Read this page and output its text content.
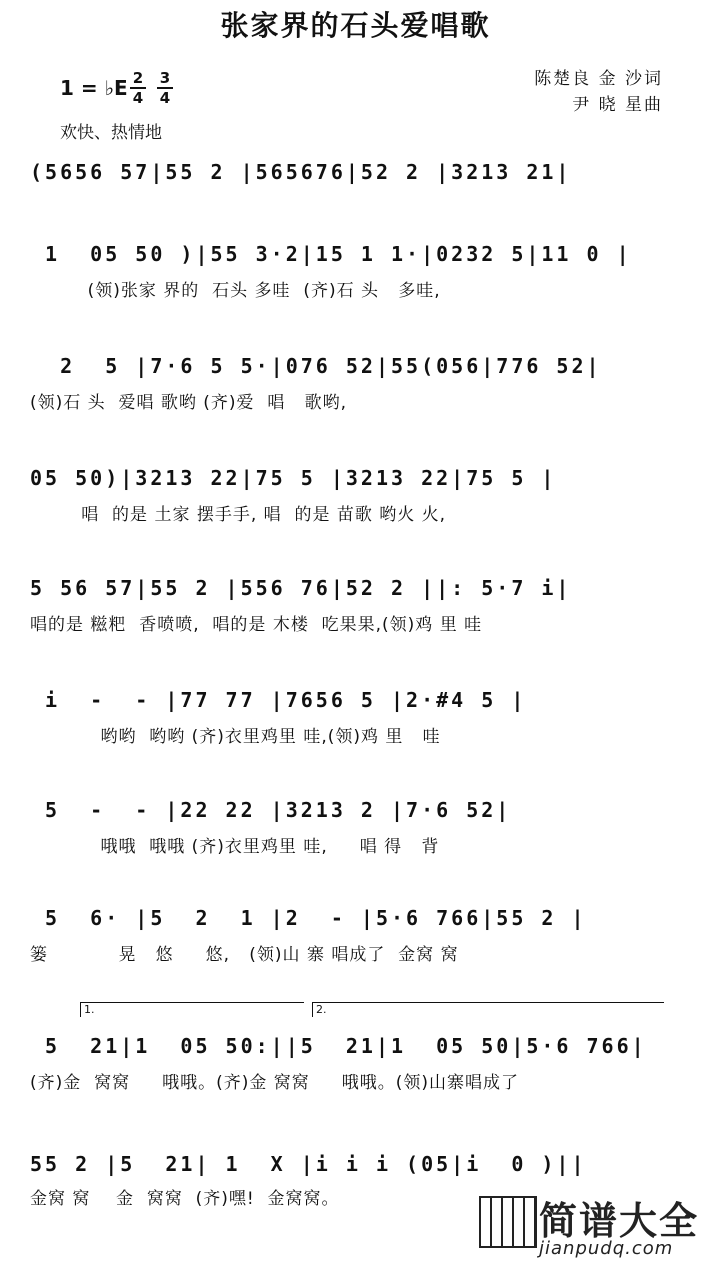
张家界的石头爱唱歌
1 = ♭E 2
4
3
4
陈楚良 金 沙词
尹 晓 星曲
欢快、热情地
(5656 57|55 2 |565676|52 2 |3213 21|
1  05 50 )|55 3·2|15 1 1·|0232 5|11 0 |
(领)张家 界的  石头 多哇  (齐)石 头   多哇,
2  5 |7·6 5 5·|076 52|55(056|776 52|
(领)石 头  爱唱 歌哟 (齐)爱  唱   歌哟,
05 50)|3213 22|75 5 |3213 22|75 5 |
唱  的是 土家 摆手手, 唱  的是 苗歌 哟火 火,
5 56 57|55 2 |556 76|52 2 ||: 5·7 i|
唱的是 糍粑  香喷喷,  唱的是 木楼  吃果果,(领)鸡 里 哇
i  -  - |77 77 |7656 5 |2·#4 5 |
哟哟  哟哟 (齐)衣里鸡里 哇,(领)鸡 里   哇
5  -  - |22 22 |3213 2 |7·6 52|
哦哦  哦哦 (齐)衣里鸡里 哇,     唱 得   背
5  6· |5  2  1 |2  - |5·6 766|55 2 |
篓           晃   悠     悠,   (领)山 寨 唱成了  金窝 窝
1.	2.
5  21|1  05 50:||5  21|1  05 50|5·6 766|
(齐)金  窝窝     哦哦。(齐)金 窝窝     哦哦。(领)山寨唱成了
55 2 |5  21| 1  X |i i i (05|i  0 )||
金窝 窝    金  窝窝  (齐)嘿!  金窝窝。	简谱大全
jianpudq.com
